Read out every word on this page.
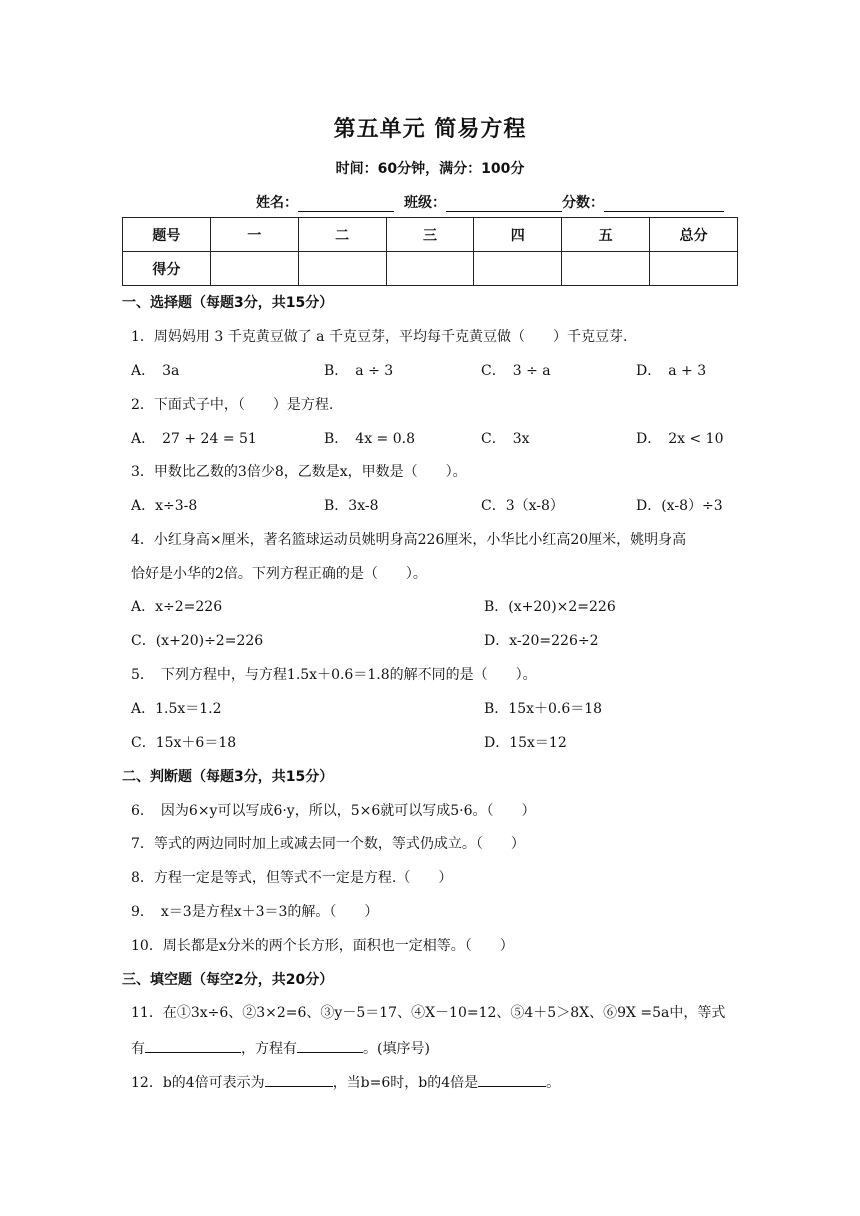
第五单元 简易方程
时间：60分钟，满分：100分
姓名：	班级：	分数：
题号	一	二	三	四	五	总分
得分						
一、选择题（每题3分，共15分）
1．周妈妈用 3 千克黄豆做了 a 千克豆芽，平均每千克黄豆做（　　）千克豆芽.
A．　3a	B．　a ÷ 3	C．　3 ÷ a	D．　a + 3
2．下面式子中，（　　）是方程.
A．　27 + 24 = 51	B．　4x = 0.8	C．　3x	D．　2x < 10
3．甲数比乙数的3倍少8，乙数是x，甲数是（　　）。
A．x÷3-8	B．3x-8	C．3（x-8）	D．(x-8）÷3
4．小红身高×厘米，著名篮球运动员姚明身高226厘米，小华比小红高20厘米，姚明身高
恰好是小华的2倍。下列方程正确的是（　　）。
A．x÷2=226	B．(x+20)×2=226
C．(x+20)÷2=226	D．x-20=226÷2
5．　下列方程中，与方程1.5x＋0.6＝1.8的解不同的是（　　）。
A．1.5x＝1.2	B．15x＋0.6＝18
C．15x＋6＝18	D．15x＝12
二、判断题（每题3分，共15分）
6．　因为6×y可以写成6·y，所以，5×6就可以写成5·6。（　　）
7．等式的两边同时加上或减去同一个数，等式仍成立。（　　）
8．方程一定是等式，但等式不一定是方程.（　　）
9．　x＝3是方程x＋3＝3的解。（　　）
10．周长都是x分米的两个长方形，面积也一定相等。（　　）
三、填空题（每空2分，共20分）
11．在①3x÷6、②3×2=6、③y－5＝17、④X－10=12、⑤4＋5＞8X、⑥9X =5a中，等式
有	，方程有	。(填序号)
12．b的4倍可表示为	，当b=6时，b的4倍是	。
